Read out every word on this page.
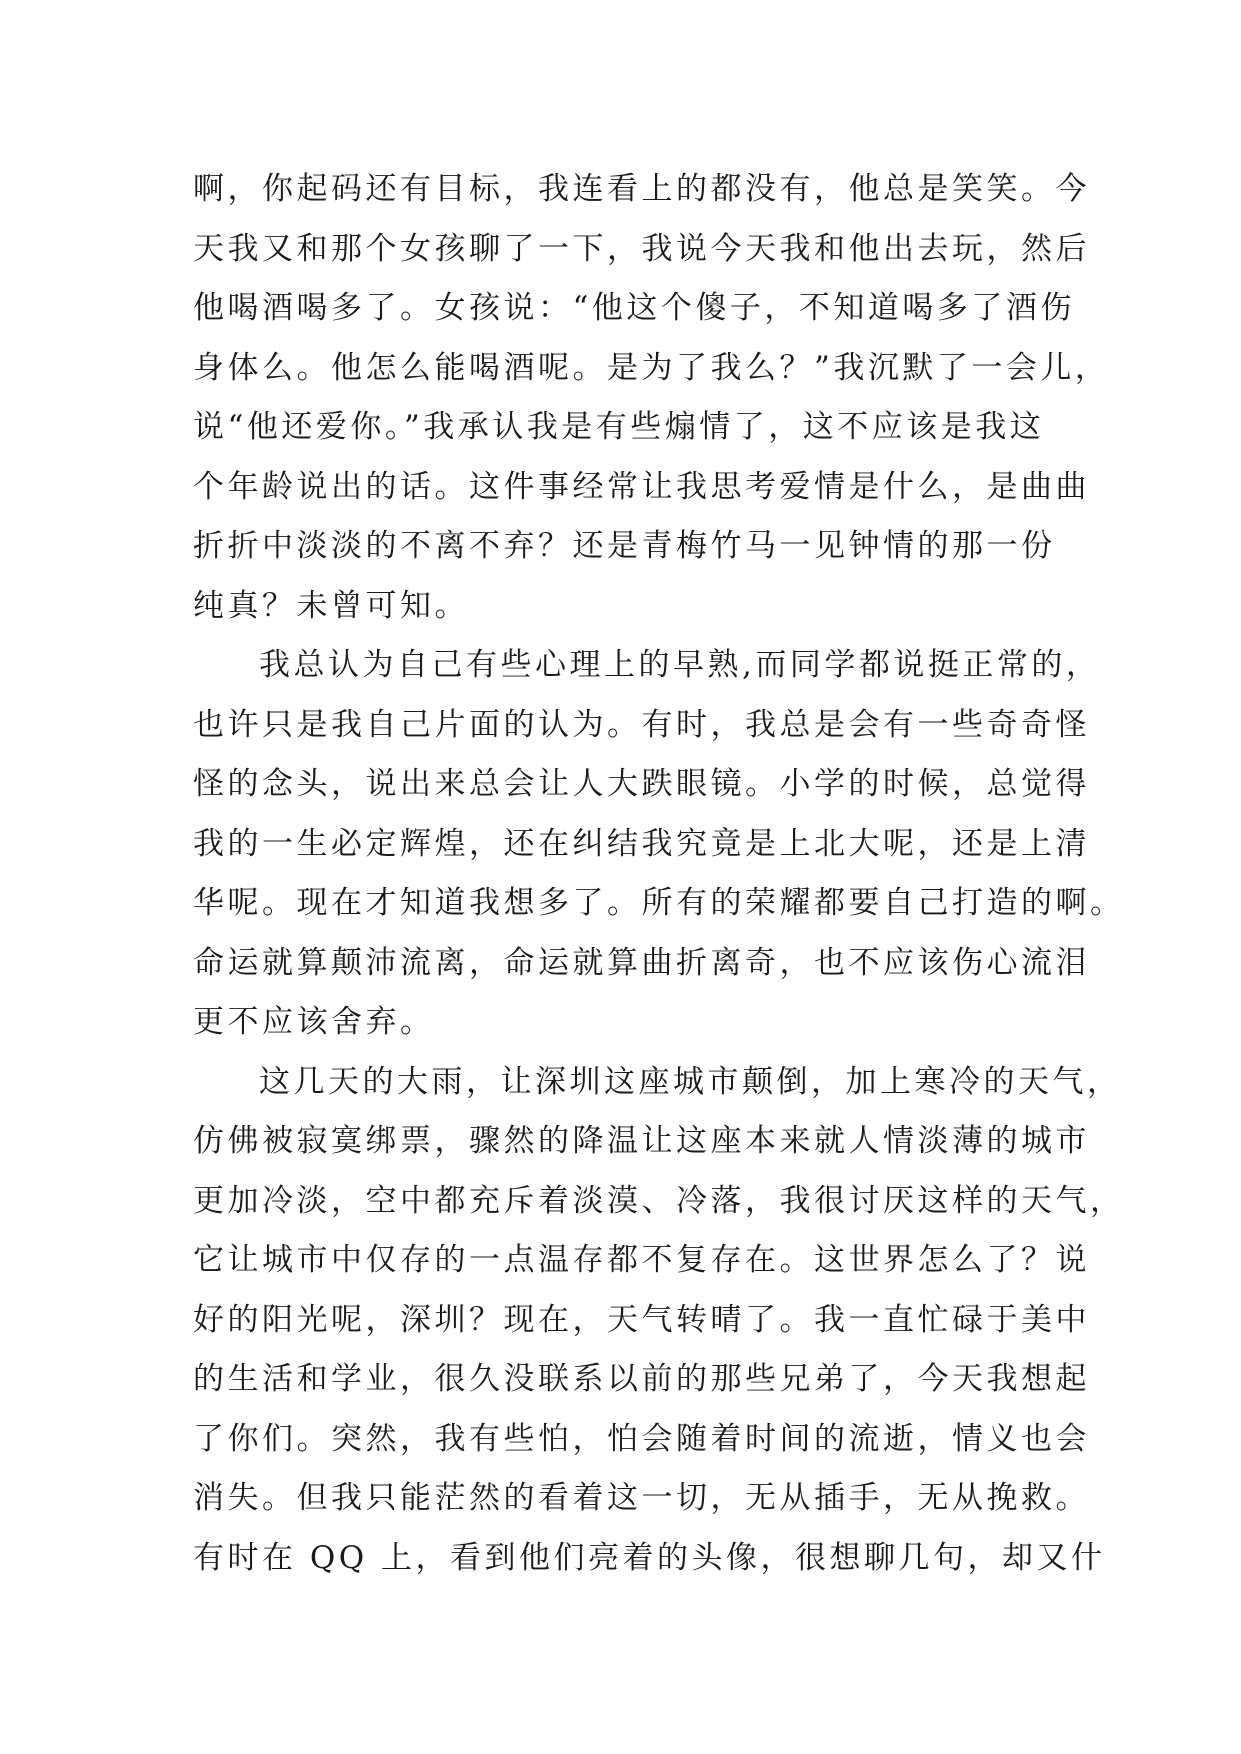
啊，你起码还有目标，我连看上的都没有，他总是笑笑。今
天我又和那个女孩聊了一下，我说今天我和他出去玩，然后
他喝酒喝多了。女孩说：“他这个傻子，不知道喝多了酒伤
身体么。他怎么能喝酒呢。是为了我么？”我沉默了一会儿，
说“他还爱你。”我承认我是有些煽情了，这不应该是我这
个年龄说出的话。这件事经常让我思考爱情是什么，是曲曲
折折中淡淡的不离不弃？还是青梅竹马一见钟情的那一份
纯真？未曾可知。
我总认为自己有些心理上的早熟,而同学都说挺正常的，
也许只是我自己片面的认为。有时，我总是会有一些奇奇怪
怪的念头，说出来总会让人大跌眼镜。小学的时候，总觉得
我的一生必定辉煌，还在纠结我究竟是上北大呢，还是上清
华呢。现在才知道我想多了。所有的荣耀都要自己打造的啊。
命运就算颠沛流离，命运就算曲折离奇，也不应该伤心流泪
更不应该舍弃。
这几天的大雨，让深圳这座城市颠倒，加上寒冷的天气，
仿佛被寂寞绑票，骤然的降温让这座本来就人情淡薄的城市
更加冷淡，空中都充斥着淡漠、冷落，我很讨厌这样的天气，
它让城市中仅存的一点温存都不复存在。这世界怎么了？说
好的阳光呢，深圳？现在，天气转晴了。我一直忙碌于美中
的生活和学业，很久没联系以前的那些兄弟了，今天我想起
了你们。突然，我有些怕，怕会随着时间的流逝，情义也会
消失。但我只能茫然的看着这一切，无从插手，无从挽救。
有时在 QQ 上，看到他们亮着的头像，很想聊几句，却又什
